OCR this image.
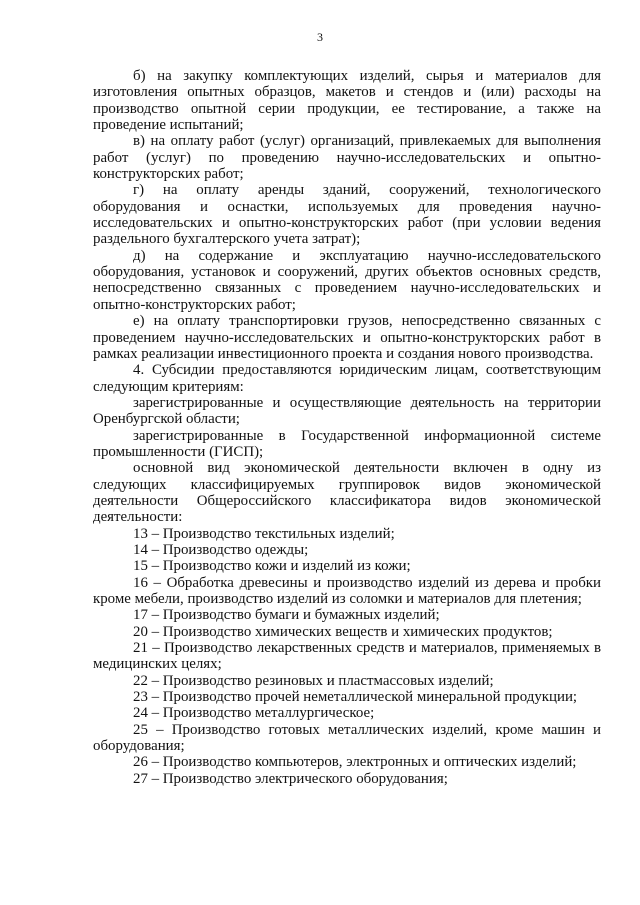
3

б) на закупку комплектующих изделий, сырья и материалов для изготовления опытных образцов, макетов и стендов и (или) расходы на производство опытной серии продукции, ее тестирование, а также на проведение испытаний;

в) на оплату работ (услуг) организаций, привлекаемых для выполнения работ (услуг) по проведению научно-исследовательских и опытно-конструкторских работ;

г) на оплату аренды зданий, сооружений, технологического оборудования и оснастки, используемых для проведения научно-исследовательских и опытно-конструкторских работ (при условии ведения раздельного бухгалтерского учета затрат);

д) на содержание и эксплуатацию научно-исследовательского оборудования, установок и сооружений, других объектов основных средств, непосредственно связанных с проведением научно-исследовательских и опытно-конструкторских работ;

е) на оплату транспортировки грузов, непосредственно связанных с проведением научно-исследовательских и опытно-конструкторских работ в рамках реализации инвестиционного проекта и создания нового производства.

4. Субсидии предоставляются юридическим лицам, соответствующим следующим критериям:

зарегистрированные и осуществляющие деятельность на территории Оренбургской области;

зарегистрированные в Государственной информационной системе промышленности (ГИСП);

основной вид экономической деятельности включен в одну из следующих классифицируемых группировок видов экономической деятельности Общероссийского классификатора видов экономической деятельности:

13 – Производство текстильных изделий;

14 – Производство одежды;

15 – Производство кожи и изделий из кожи;

16 – Обработка древесины и производство изделий из дерева и пробки кроме мебели, производство изделий из соломки и материалов для плетения;

17 – Производство бумаги и бумажных изделий;

20 – Производство химических веществ и химических продуктов;

21 – Производство лекарственных средств и материалов, применяемых в медицинских целях;

22 – Производство резиновых и пластмассовых изделий;

23 – Производство прочей неметаллической минеральной продукции;

24 – Производство металлургическое;

25 – Производство готовых металлических изделий, кроме машин и оборудования;

26 – Производство компьютеров, электронных и оптических изделий;

27 – Производство электрического оборудования;
